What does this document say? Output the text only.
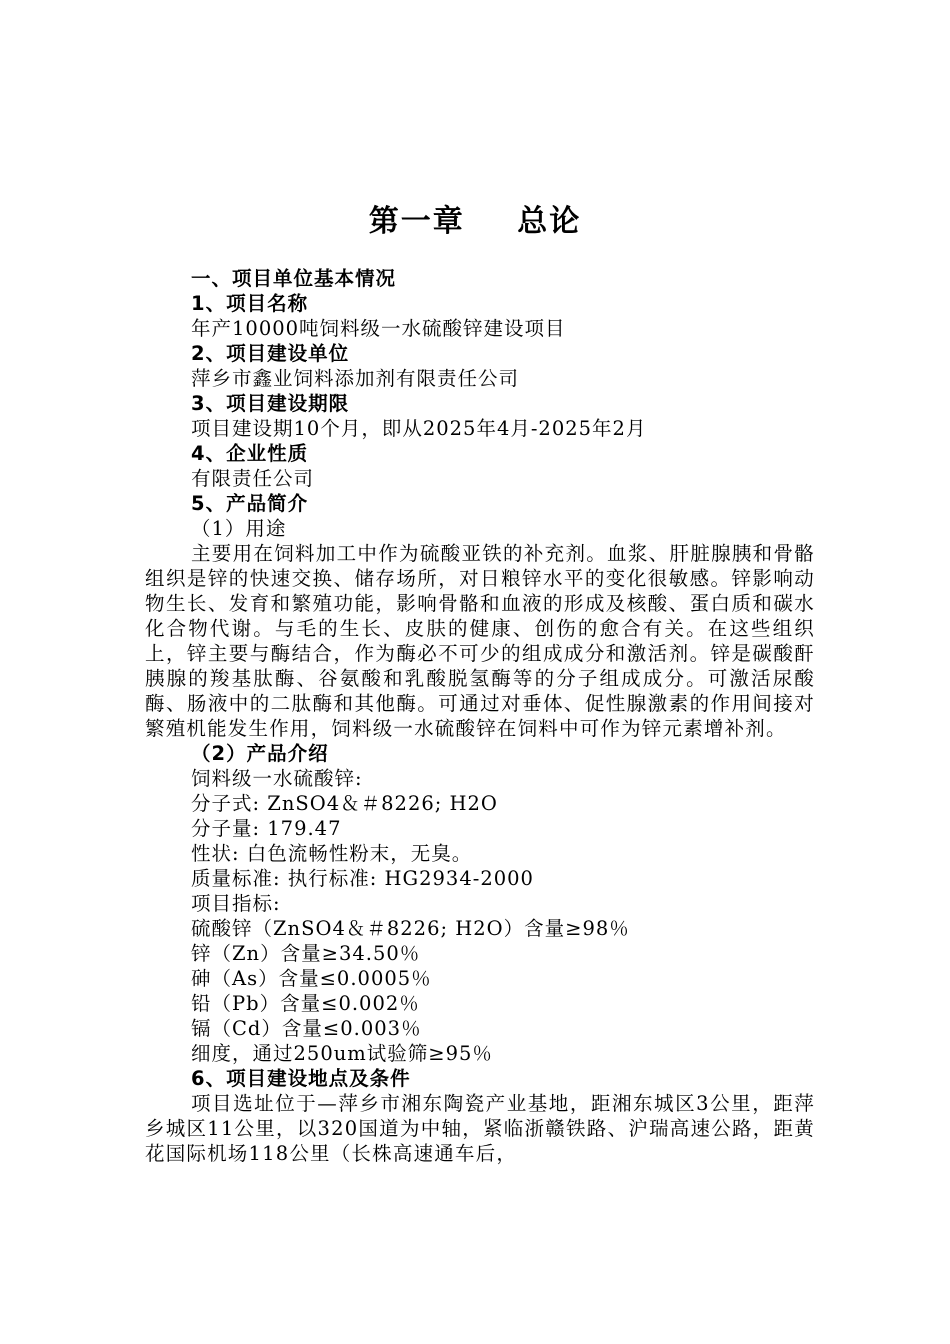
第一章 总论
一、项目单位基本情况
1、项目名称
年产10000吨饲料级一水硫酸锌建设项目
2、项目建设单位
萍乡市鑫业饲料添加剂有限责任公司
3、项目建设期限
项目建设期10个月，即从2025年4月-2025年2月
4、企业性质
有限责任公司
5、产品简介
（1）用途
主要用在饲料加工中作为硫酸亚铁的补充剂。血浆、肝脏腺胰和骨骼组织是锌的快速交换、储存场所，对日粮锌水平的变化很敏感。锌影响动物生长、发育和繁殖功能，影响骨骼和血液的形成及核酸、蛋白质和碳水化合物代谢。与毛的生长、皮肤的健康、创伤的愈合有关。在这些组织上，锌主要与酶结合，作为酶必不可少的组成成分和激活剂。锌是碳酸酐胰腺的羧基肽酶、谷氨酸和乳酸脱氢酶等的分子组成成分。可激活尿酸酶、肠液中的二肽酶和其他酶。可通过对垂体、促性腺激素的作用间接对繁殖机能发生作用，饲料级一水硫酸锌在饲料中可作为锌元素增补剂。
（2）产品介绍
饲料级一水硫酸锌:
分子式: ZnSO4＆＃8226; H2O
分子量: 179.47
性状: 白色流畅性粉末，无臭。
质量标准: 执行标准: HG2934-2000
项目指标:
硫酸锌（ZnSO4＆＃8226; H2O）含量≥98％
锌（Zn）含量≥34.50％
砷（As）含量≤0.0005％
铅（Pb）含量≤0.002％
镉（Cd）含量≤0.003％
细度，通过250um试验筛≥95％
6、项目建设地点及条件
项目选址位于—萍乡市湘东陶瓷产业基地，距湘东城区3公里，距萍乡城区11公里，以320国道为中轴，紧临浙赣铁路、沪瑞高速公路，距黄花国际机场118公里（长株高速通车后，
